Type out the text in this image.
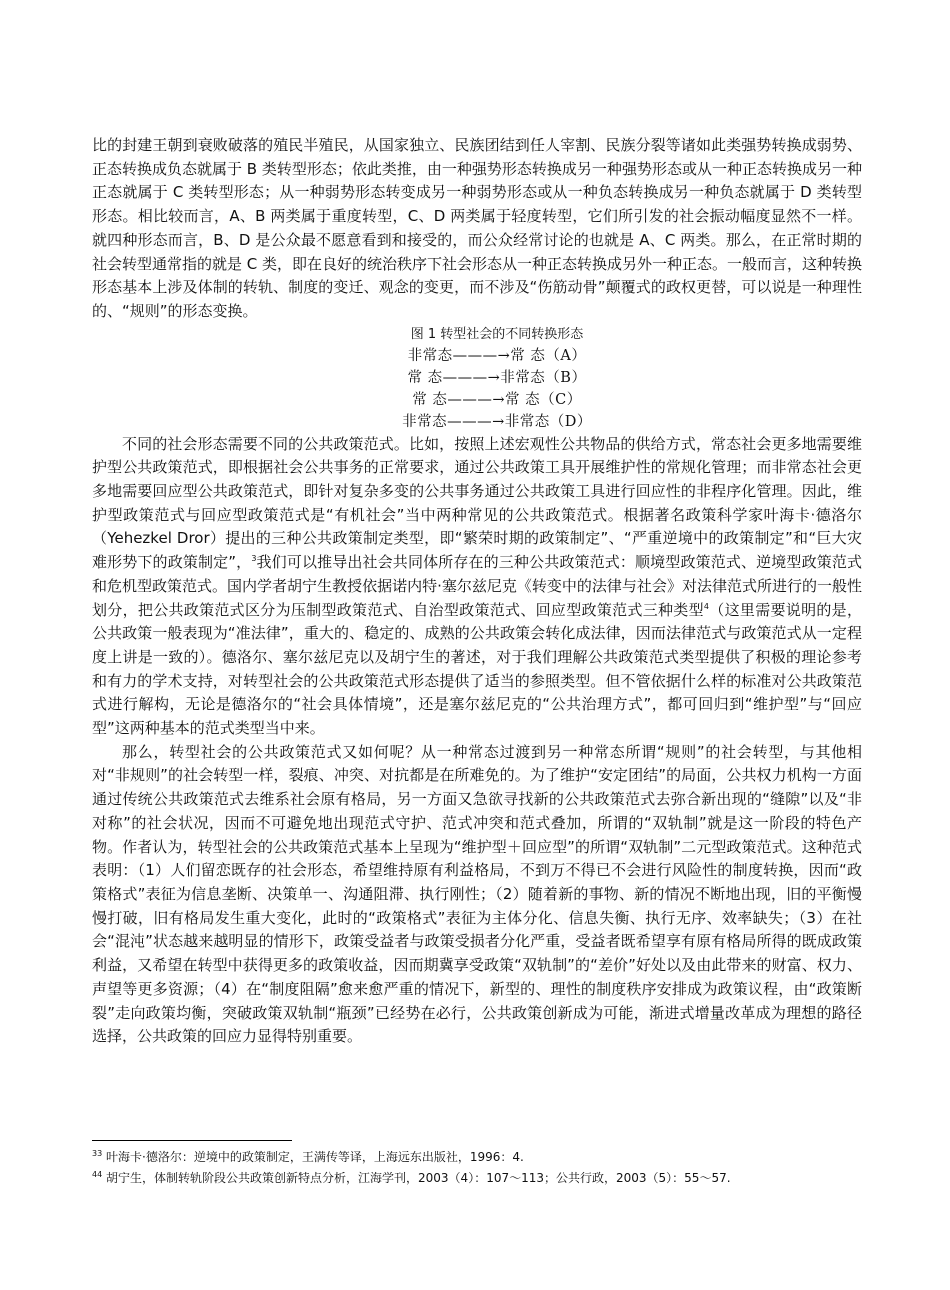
比的封建王朝到衰败破落的殖民半殖民，从国家独立、民族团结到任人宰割、民族分裂等诸如此类强势转换成弱势、正态转换成负态就属于 B 类转型形态；依此类推，由一种强势形态转换成另一种强势形态或从一种正态转换成另一种正态就属于 C 类转型形态；从一种弱势形态转变成另一种弱势形态或从一种负态转换成另一种负态就属于 D 类转型形态。相比较而言，A、B 两类属于重度转型，C、D 两类属于轻度转型，它们所引发的社会振动幅度显然不一样。就四种形态而言，B、D 是公众最不愿意看到和接受的，而公众经常讨论的也就是 A、C 两类。那么，在正常时期的社会转型通常指的就是 C 类，即在良好的统治秩序下社会形态从一种正态转换成另外一种正态。一般而言，这种转换形态基本上涉及体制的转轨、制度的变迁、观念的变更，而不涉及“伤筋动骨”颠覆式的政权更替，可以说是一种理性的、“规则”的形态变换。

图 1 转型社会的不同转换形态
非常态———→常 态（A）
常 态———→非常态（B）
常 态———→常 态（C）
非常态———→非常态（D）

不同的社会形态需要不同的公共政策范式。比如，按照上述宏观性公共物品的供给方式，常态社会更多地需要维护型公共政策范式，即根据社会公共事务的正常要求，通过公共政策工具开展维护性的常规化管理；而非常态社会更多地需要回应型公共政策范式，即针对复杂多变的公共事务通过公共政策工具进行回应性的非程序化管理。因此，维护型政策范式与回应型政策范式是“有机社会”当中两种常见的公共政策范式。根据著名政策科学家叶海卡·德洛尔（Yehezkel Dror）提出的三种公共政策制定类型，即“繁荣时期的政策制定”、“严重逆境中的政策制定”和“巨大灾难形势下的政策制定”，$^3$我们可以推导出社会共同体所存在的三种公共政策范式：顺境型政策范式、逆境型政策范式和危机型政策范式。国内学者胡宁生教授依据诺内特·塞尔兹尼克《转变中的法律与社会》对法律范式所进行的一般性划分，把公共政策范式区分为压制型政策范式、自治型政策范式、回应型政策范式三种类型$^4$（这里需要说明的是，公共政策一般表现为“准法律”，重大的、稳定的、成熟的公共政策会转化成法律，因而法律范式与政策范式从一定程度上讲是一致的）。德洛尔、塞尔兹尼克以及胡宁生的著述，对于我们理解公共政策范式类型提供了积极的理论参考和有力的学术支持，对转型社会的公共政策范式形态提供了适当的参照类型。但不管依据什么样的标准对公共政策范式进行解构，无论是德洛尔的“社会具体情境”，还是塞尔兹尼克的“公共治理方式”，都可回归到“维护型”与“回应型”这两种基本的范式类型当中来。

那么，转型社会的公共政策范式又如何呢？从一种常态过渡到另一种常态所谓“规则”的社会转型，与其他相对“非规则”的社会转型一样，裂痕、冲突、对抗都是在所难免的。为了维护“安定团结”的局面，公共权力机构一方面通过传统公共政策范式去维系社会原有格局，另一方面又急欲寻找新的公共政策范式去弥合新出现的“缝隙”以及“非对称”的社会状况，因而不可避免地出现范式守护、范式冲突和范式叠加，所谓的“双轨制”就是这一阶段的特色产物。作者认为，转型社会的公共政策范式基本上呈现为“维护型＋回应型”的所谓“双轨制”二元型政策范式。这种范式表明：（1）人们留恋既存的社会形态，希望维持原有利益格局，不到万不得已不会进行风险性的制度转换，因而“政策格式”表征为信息垄断、决策单一、沟通阻滞、执行刚性；（2）随着新的事物、新的情况不断地出现，旧的平衡慢慢打破，旧有格局发生重大变化，此时的“政策格式”表征为主体分化、信息失衡、执行无序、效率缺失；（3）在社会“混沌”状态越来越明显的情形下，政策受益者与政策受损者分化严重，受益者既希望享有原有格局所得的既成政策利益，又希望在转型中获得更多的政策收益，因而期冀享受政策“双轨制”的“差价”好处以及由此带来的财富、权力、声望等更多资源；（4）在“制度阻隔”愈来愈严重的情况下，新型的、理性的制度秩序安排成为政策议程，由“政策断裂”走向政策均衡，突破政策双轨制“瓶颈”已经势在必行，公共政策创新成为可能，渐进式增量改革成为理想的路径选择，公共政策的回应力显得特别重要。

$^{33}$ 叶海卡·德洛尔：逆境中的政策制定，王满传等译，上海远东出版社，1996：4.

$^{44}$ 胡宁生，体制转轨阶段公共政策创新特点分析，江海学刊，2003（4）：107～113；公共行政，2003（5）：55～57.
